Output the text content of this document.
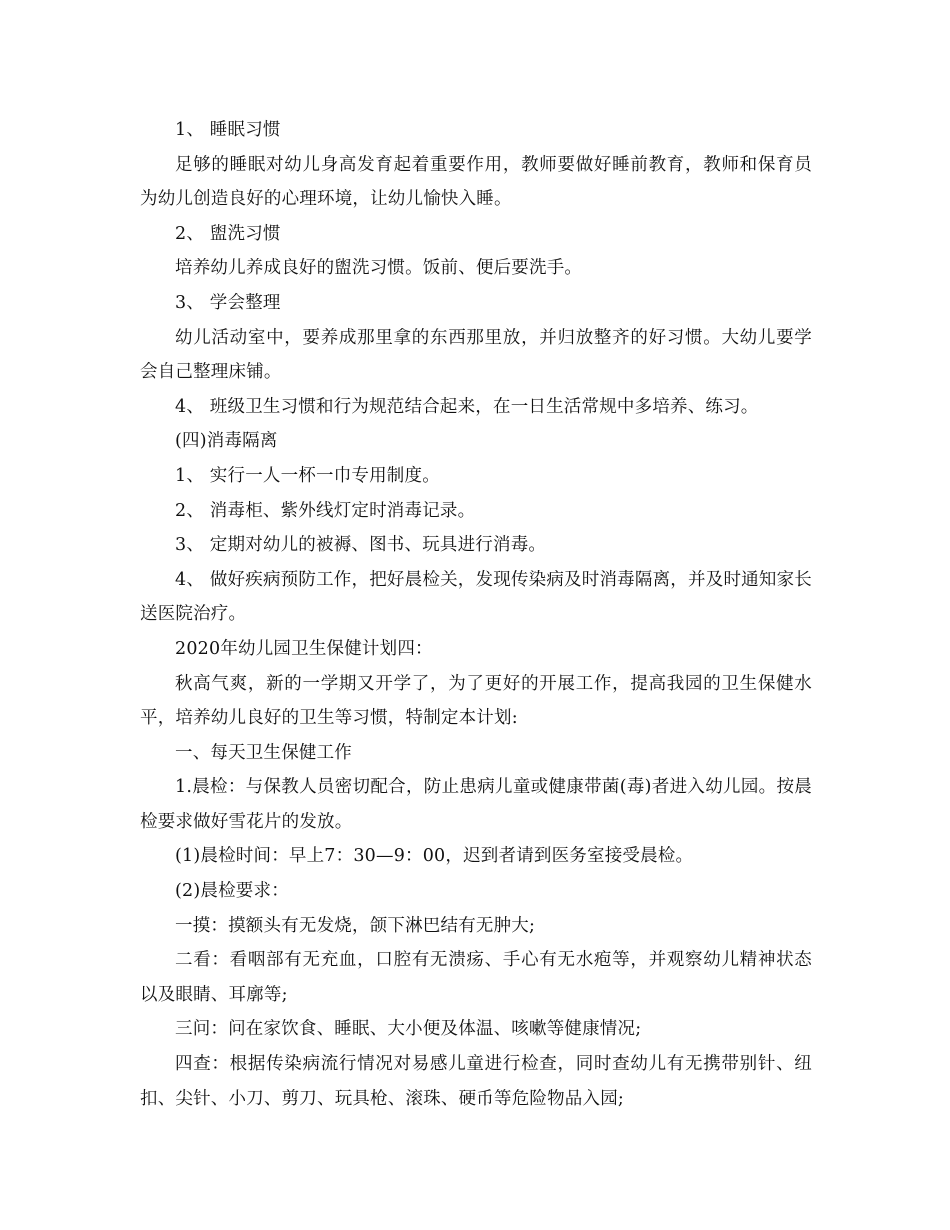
1、 睡眠习惯

足够的睡眠对幼儿身高发育起着重要作用，教师要做好睡前教育，教师和保育员为幼儿创造良好的心理环境，让幼儿愉快入睡。

2、 盥洗习惯

培养幼儿养成良好的盥洗习惯。饭前、便后要洗手。

3、 学会整理

幼儿活动室中，要养成那里拿的东西那里放，并归放整齐的好习惯。大幼儿要学会自己整理床铺。

4、 班级卫生习惯和行为规范结合起来，在一日生活常规中多培养、练习。

(四)消毒隔离

1、 实行一人一杯一巾专用制度。

2、 消毒柜、紫外线灯定时消毒记录。

3、 定期对幼儿的被褥、图书、玩具进行消毒。

4、 做好疾病预防工作，把好晨检关，发现传染病及时消毒隔离，并及时通知家长送医院治疗。

2020年幼儿园卫生保健计划四：

秋高气爽，新的一学期又开学了，为了更好的开展工作，提高我园的卫生保健水平，培养幼儿良好的卫生等习惯，特制定本计划:

一、每天卫生保健工作

1.晨检：与保教人员密切配合，防止患病儿童或健康带菌(毒)者进入幼儿园。按晨检要求做好雪花片的发放。

(1)晨检时间：早上7：30—9：00，迟到者请到医务室接受晨检。

(2)晨检要求：

一摸：摸额头有无发烧，颌下淋巴结有无肿大;

二看：看咽部有无充血，口腔有无溃疡、手心有无水疱等，并观察幼儿精神状态以及眼睛、耳廓等;

三问：问在家饮食、睡眠、大小便及体温、咳嗽等健康情况;

四查：根据传染病流行情况对易感儿童进行检查，同时查幼儿有无携带别针、纽扣、尖针、小刀、剪刀、玩具枪、滚珠、硬币等危险物品入园;
